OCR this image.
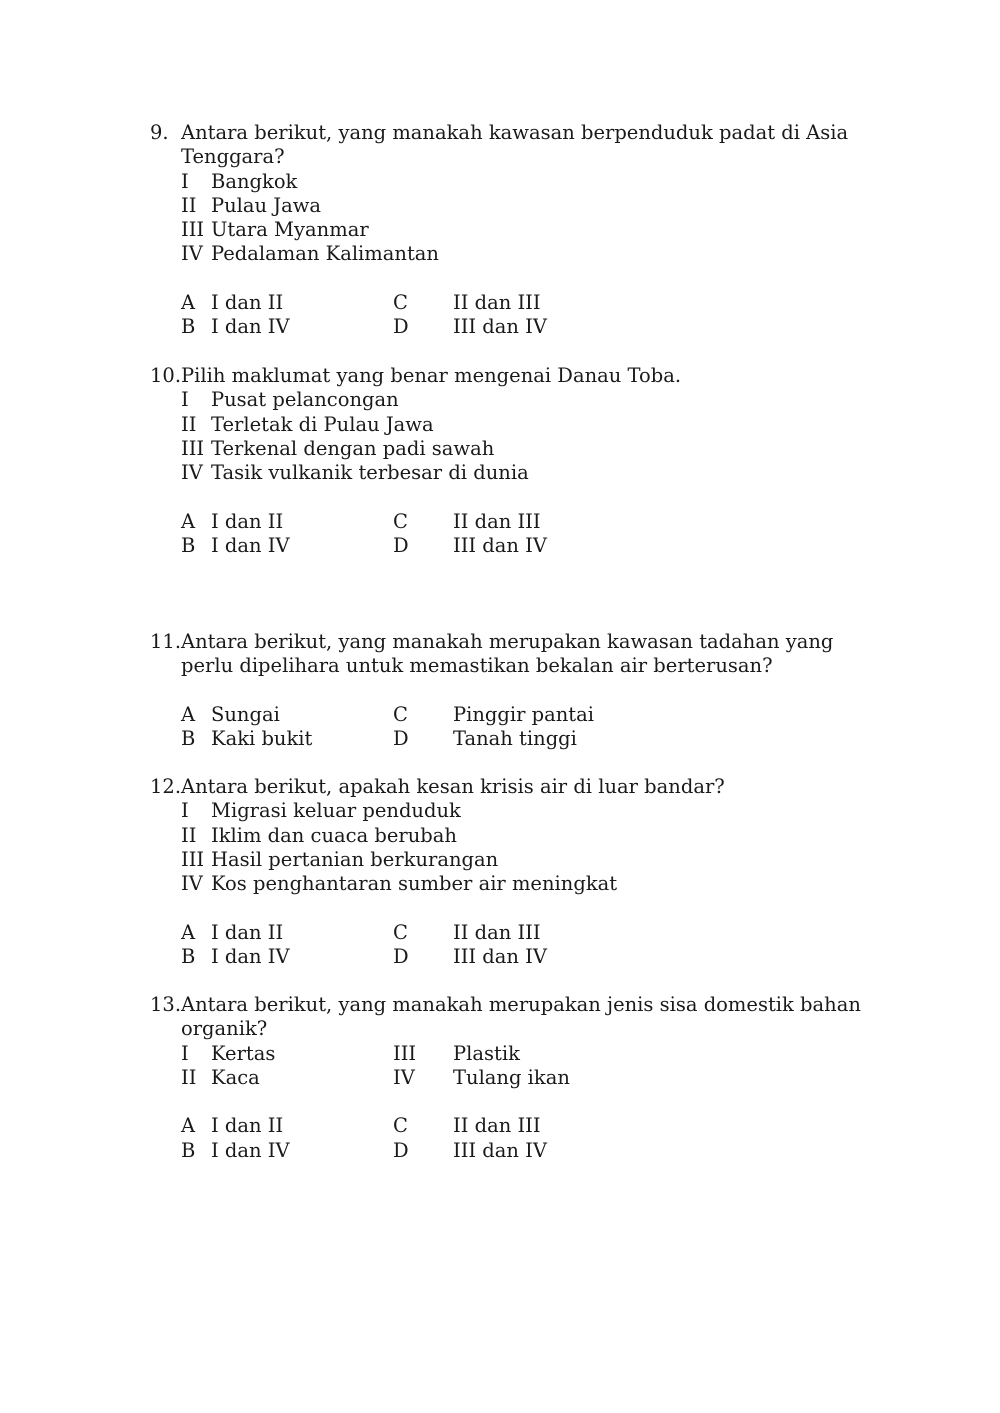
9. Antara berikut, yang manakah kawasan berpenduduk padat di Asia
Tenggara?
I Bangkok
II Pulau Jawa
III Utara Myanmar
IV Pedalaman Kalimantan
A I dan II	C II dan III
B I dan IV	D III dan IV
10. Pilih maklumat yang benar mengenai Danau Toba.
I Pusat pelancongan
II Terletak di Pulau Jawa
III Terkenal dengan padi sawah
IV Tasik vulkanik terbesar di dunia
A I dan II	C II dan III
B I dan IV	D III dan IV
11. Antara berikut, yang manakah merupakan kawasan tadahan yang
perlu dipelihara untuk memastikan bekalan air berterusan?
A Sungai	C Pinggir pantai
B Kaki bukit	D Tanah tinggi
12. Antara berikut, apakah kesan krisis air di luar bandar?
I Migrasi keluar penduduk
II Iklim dan cuaca berubah
III Hasil pertanian berkurangan
IV Kos penghantaran sumber air meningkat
A I dan II	C II dan III
B I dan IV	D III dan IV
13. Antara berikut, yang manakah merupakan jenis sisa domestik bahan
organik?
I Kertas	III Plastik
II Kaca	IV Tulang ikan
A I dan II	C II dan III
B I dan IV	D III dan IV
